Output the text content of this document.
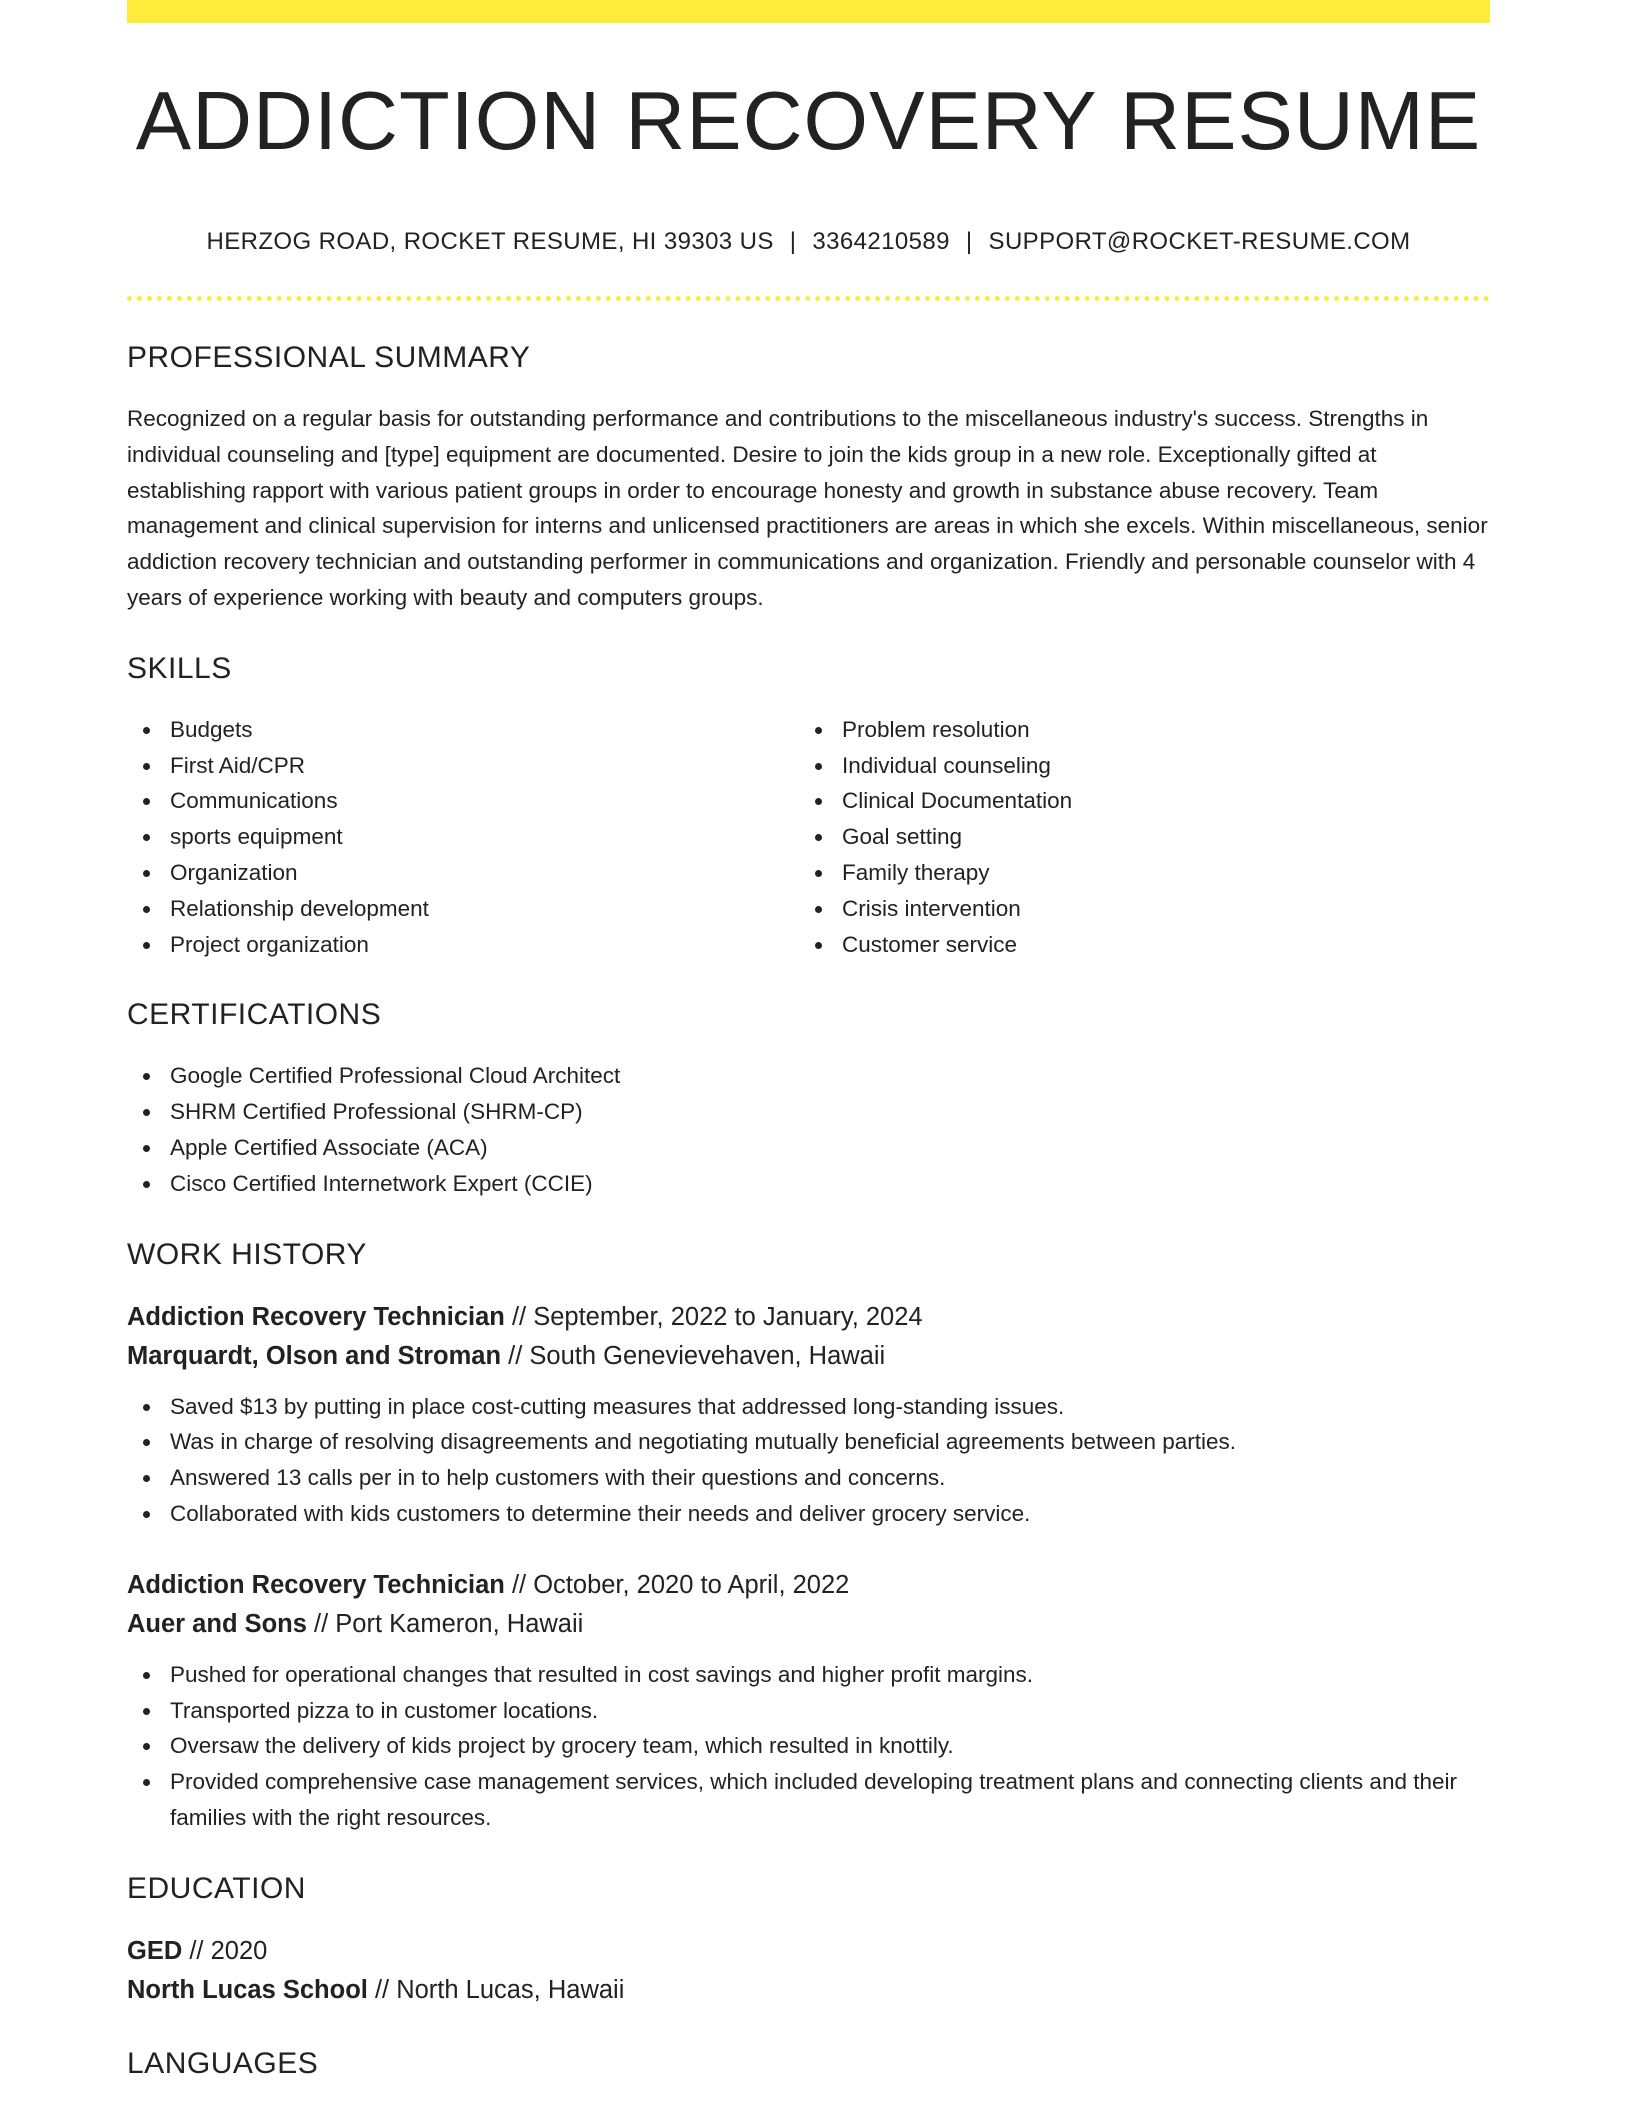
ADDICTION RECOVERY RESUME
HERZOG ROAD, ROCKET RESUME, HI 39303 US | 3364210589 | SUPPORT@ROCKET-RESUME.COM
PROFESSIONAL SUMMARY

Recognized on a regular basis for outstanding performance and contributions to the miscellaneous industry's success. Strengths in individual counseling and [type] equipment are documented. Desire to join the kids group in a new role. Exceptionally gifted at establishing rapport with various patient groups in order to encourage honesty and growth in substance abuse recovery. Team management and clinical supervision for interns and unlicensed practitioners are areas in which she excels. Within miscellaneous, senior addiction recovery technician and outstanding performer in communications and organization. Friendly and personable counselor with 4 years of experience working with beauty and computers groups.

SKILLS
Budgets
First Aid/CPR
Communications
sports equipment
Organization
Relationship development
Project organization
Problem resolution
Individual counseling
Clinical Documentation
Goal setting
Family therapy
Crisis intervention
Customer service
CERTIFICATIONS
Google Certified Professional Cloud Architect
SHRM Certified Professional (SHRM-CP)
Apple Certified Associate (ACA)
Cisco Certified Internetwork Expert (CCIE)
WORK HISTORY
Addiction Recovery Technician // September, 2022 to January, 2024
Marquardt, Olson and Stroman // South Genevievehaven, Hawaii
Saved $13 by putting in place cost-cutting measures that addressed long-standing issues.
Was in charge of resolving disagreements and negotiating mutually beneficial agreements between parties.
Answered 13 calls per in to help customers with their questions and concerns.
Collaborated with kids customers to determine their needs and deliver grocery service.
Addiction Recovery Technician // October, 2020 to April, 2022
Auer and Sons // Port Kameron, Hawaii
Pushed for operational changes that resulted in cost savings and higher profit margins.
Transported pizza to in customer locations.
Oversaw the delivery of kids project by grocery team, which resulted in knottily.
Provided comprehensive case management services, which included developing treatment plans and connecting clients and their families with the right resources.
EDUCATION
GED // 2020
North Lucas School // North Lucas, Hawaii
LANGUAGES
